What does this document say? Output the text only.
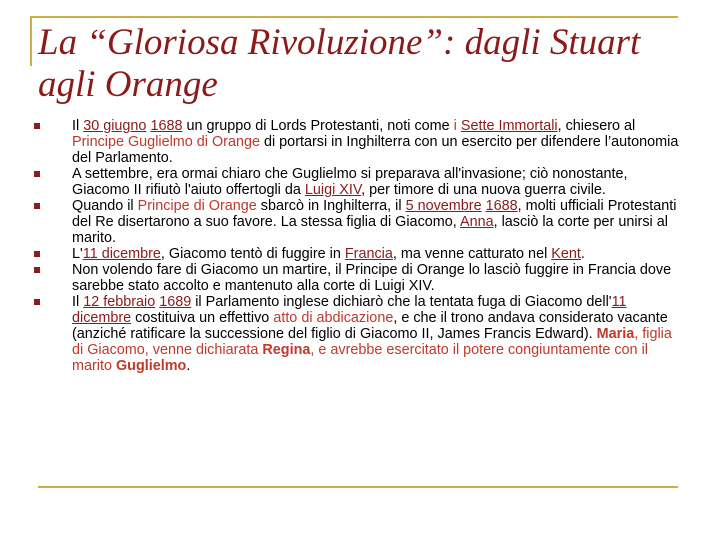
La “Gloriosa Rivoluzione”: dagli Stuart agli Orange
Il 30 giugno 1688 un gruppo di Lords Protestanti, noti come i Sette Immortali, chiesero al Principe Guglielmo di Orange di portarsi in Inghilterra con un esercito per difendere l’autonomia del Parlamento.
A settembre, era ormai chiaro che Guglielmo si preparava all'invasione; ciò nonostante, Giacomo II rifiutò l'aiuto offertogli da Luigi XIV, per timore di una nuova guerra civile.
Quando il Principe di Orange sbarcò in Inghilterra, il 5 novembre 1688, molti ufficiali Protestanti del Re disertarono a suo favore. La stessa figlia di Giacomo, Anna, lasciò la corte per unirsi al marito.
L'11 dicembre, Giacomo tentò di fuggire in Francia, ma venne catturato nel Kent.
Non volendo fare di Giacomo un martire, il Principe di Orange lo lasciò fuggire in Francia dove sarebbe stato accolto e mantenuto alla corte di Luigi XIV.
Il 12 febbraio 1689 il Parlamento inglese dichiarò che la tentata fuga di Giacomo dell'11 dicembre costituiva un effettivo atto di abdicazione, e che il trono andava considerato vacante (anziché ratificare la successione del figlio di Giacomo II, James Francis Edward). Maria, figlia di Giacomo, venne dichiarata Regina, e avrebbe esercitato il potere congiuntamente con il marito Guglielmo.
